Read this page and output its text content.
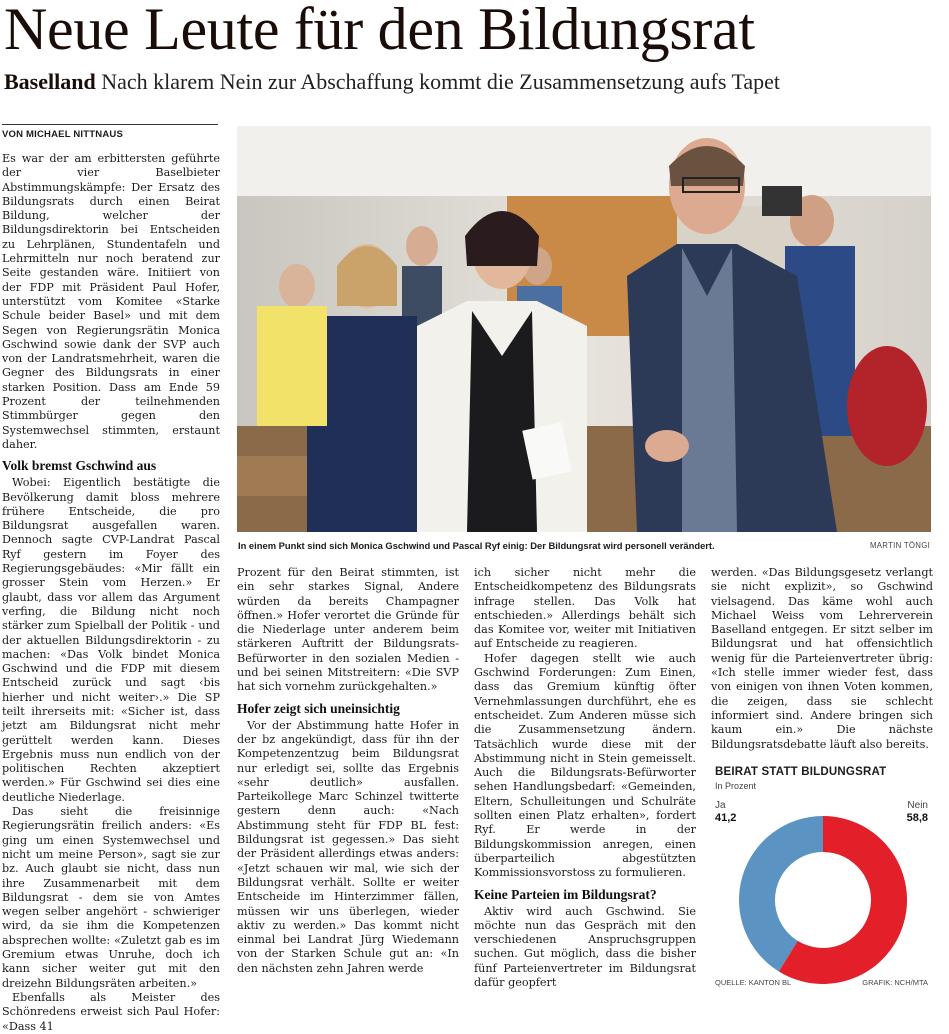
Neue Leute für den Bildungsrat
Baselland Nach klarem Nein zur Abschaffung kommt die Zusammensetzung aufs Tapet
VON MICHAEL NITTNAUS

Es war der am erbittersten geführte der vier Baselbieter Abstimmungskämpfe: Der Ersatz des Bildungsrats durch einen Beirat Bildung, welcher der Bildungsdirektorin bei Entscheiden zu Lehrplänen, Stundentafeln und Lehrmitteln nur noch beratend zur Seite gestanden wäre. Initiiert von der FDP mit Präsident Paul Hofer, unterstützt vom Komitee «Starke Schule beider Basel» und mit dem Segen von Regierungsrätin Monica Gschwind sowie dank der SVP auch von der Landratsmehrheit, waren die Gegner des Bildungsrats in einer starken Position. Dass am Ende 59 Prozent der teilnehmenden Stimmbürger gegen den Systemwechsel stimmten, erstaunt daher.

Volk bremst Gschwind aus

Wobei: Eigentlich bestätigte die Bevölkerung damit bloss mehrere frühere Entscheide, die pro Bildungsrat ausgefallen waren. Dennoch sagte CVP-Landrat Pascal Ryf gestern im Foyer des Regierungsgebäudes: «Mir fällt ein grosser Stein vom Herzen.» Er glaubt, dass vor allem das Argument verfing, die Bildung nicht noch stärker zum Spielball der Politik - und der aktuellen Bildungsdirektorin - zu machen: «Das Volk bindet Monica Gschwind und die FDP mit diesem Entscheid zurück und sagt ‹bis hierher und nicht weiter›.» Die SP teilt ihrerseits mit: «Sicher ist, dass jetzt am Bildungsrat nicht mehr gerüttelt werden kann. Dieses Ergebnis muss nun endlich von der politischen Rechten akzeptiert werden.» Für Gschwind sei dies eine deutliche Niederlage.

Das sieht die freisinnige Regierungsrätin freilich anders: «Es ging um einen Systemwechsel und nicht um meine Person», sagt sie zur bz. Auch glaubt sie nicht, dass nun ihre Zusammenarbeit mit dem Bildungsrat - dem sie von Amtes wegen selber angehört - schwieriger wird, da sie ihm die Kompetenzen absprechen wollte: «Zuletzt gab es im Gremium etwas Unruhe, doch ich kann sicher weiter gut mit den dreizehn Bildungsräten arbeiten.»

Ebenfalls als Meister des Schönredens erweist sich Paul Hofer: «Dass 41

In einem Punkt sind sich Monica Gschwind und Pascal Ryf einig: Der Bildungsrat wird personell verändert.	MARTIN TÖNGI

Prozent für den Beirat stimmten, ist ein sehr starkes Signal, Andere würden da bereits Champagner öffnen.» Hofer verortet die Gründe für die Niederlage unter anderem beim stärkeren Auftritt der Bildungsrats-Befürworter in den sozialen Medien - und bei seinen Mitstreitern: «Die SVP hat sich vornehm zurückgehalten.»

Hofer zeigt sich uneinsichtig

Vor der Abstimmung hatte Hofer in der bz angekündigt, dass für ihn der Kompetenzentzug beim Bildungsrat nur erledigt sei, sollte das Ergebnis «sehr deutlich» ausfallen. Parteikollege Marc Schinzel twitterte gestern denn auch: «Nach Abstimmung steht für FDP BL fest: Bildungsrat ist gegessen.» Das sieht der Präsident allerdings etwas anders: «Jetzt schauen wir mal, wie sich der Bildungsrat verhält. Sollte er weiter Entscheide im Hinterzimmer fällen, müssen wir uns überlegen, wieder aktiv zu werden.» Das kommt nicht einmal bei Landrat Jürg Wiedemann von der Starken Schule gut an: «In den nächsten zehn Jahren werde

ich sicher nicht mehr die Entscheidkompetenz des Bildungsrats infrage stellen. Das Volk hat entschieden.» Allerdings behält sich das Komitee vor, weiter mit Initiativen auf Entscheide zu reagieren.

Hofer dagegen stellt wie auch Gschwind Forderungen: Zum Einen, dass das Gremium künftig öfter Vernehmlassungen durchführt, ehe es entscheidet. Zum Anderen müsse sich die Zusammensetzung ändern. Tatsächlich wurde diese mit der Abstimmung nicht in Stein gemeisselt. Auch die Bildungsrats-Befürworter sehen Handlungsbedarf: «Gemeinden, Eltern, Schulleitungen und Schulräte sollten einen Platz erhalten», fordert Ryf. Er werde in der Bildungskommission anregen, einen überparteilich abgestützten Kommissionsvorstoss zu formulieren.

Keine Parteien im Bildungsrat?

Aktiv wird auch Gschwind. Sie möchte nun das Gespräch mit den verschiedenen Anspruchsgruppen suchen. Gut möglich, dass die bisher fünf Parteienvertreter im Bildungsrat dafür geopfert

werden. «Das Bildungsgesetz verlangt sie nicht explizit», so Gschwind vielsagend. Das käme wohl auch Michael Weiss vom Lehrerverein Baselland entgegen. Er sitzt selber im Bildungsrat und hat offensichtlich wenig für die Parteienvertreter übrig: «Ich stelle immer wieder fest, dass von einigen von ihnen Voten kommen, die zeigen, dass sie schlecht informiert sind. Andere bringen sich kaum ein.» Die nächste Bildungsratsdebatte läuft also bereits.

BEIRAT STATT BILDUNGSRAT
In Prozent
Ja
41,2
Nein
58,8
QUELLE: KANTON BL	GRAFIK: NCH/MTA
